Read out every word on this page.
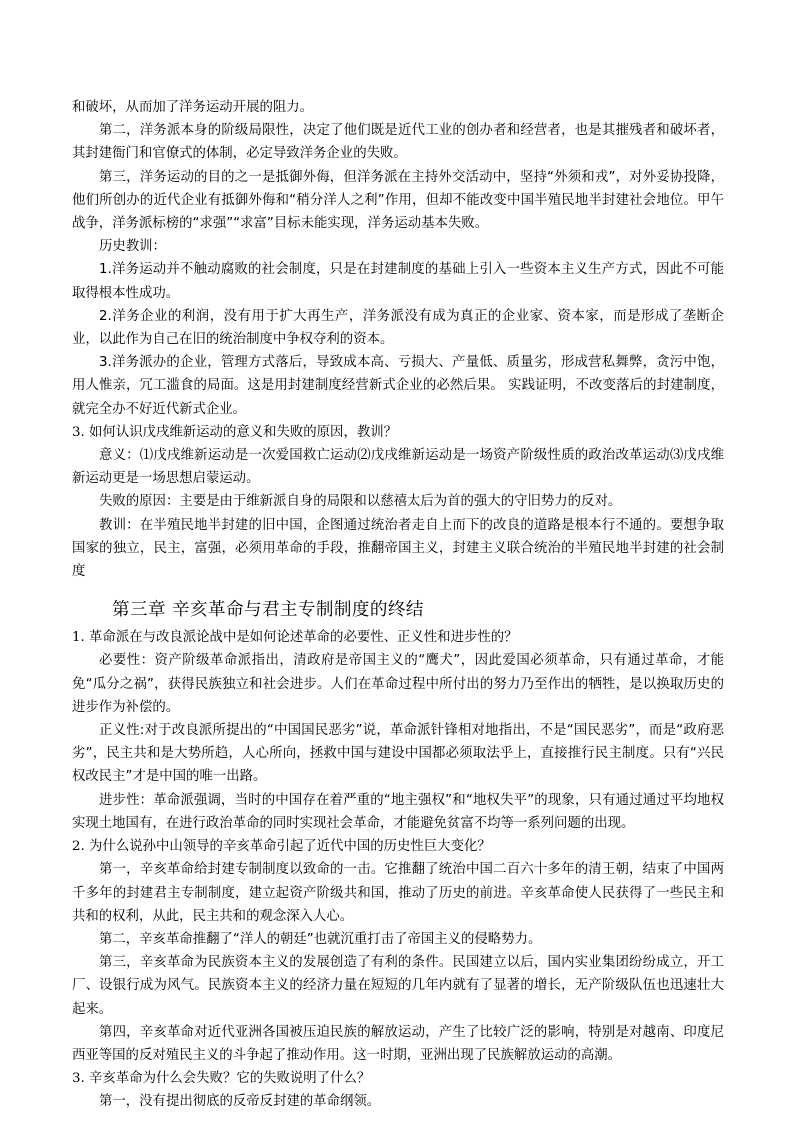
和破坏，从而加了洋务运动开展的阻力。

第二，洋务派本身的阶级局限性，决定了他们既是近代工业的创办者和经营者，也是其摧残者和破坏者，其封建衙门和官僚式的体制，必定导致洋务企业的失败。

第三，洋务运动的目的之一是抵御外侮，但洋务派在主持外交活动中，坚持“外须和戎”，对外妥协投降，他们所创办的近代企业有抵御外侮和“稍分洋人之利”作用，但却不能改变中国半殖民地半封建社会地位。甲午战争，洋务派标榜的“求强”“求富”目标未能实现，洋务运动基本失败。

历史教训：

1.洋务运动并不触动腐败的社会制度，只是在封建制度的基础上引入一些资本主义生产方式，因此不可能取得根本性成功。

2.洋务企业的利润，没有用于扩大再生产，洋务派没有成为真正的企业家、资本家，而是形成了垄断企业，以此作为自己在旧的统治制度中争权夺利的资本。

3.洋务派办的企业，管理方式落后，导致成本高、亏损大、产量低、质量劣，形成营私舞弊，贪污中饱，用人惟亲，冗工滥食的局面。这是用封建制度经营新式企业的必然后果。 实践证明，不改变落后的封建制度，就完全办不好近代新式企业。

3. 如何认识戊戌维新运动的意义和失败的原因，教训？

意义：⑴戊戌维新运动是一次爱国救亡运动⑵戊戌维新运动是一场资产阶级性质的政治改革运动⑶戊戌维新运动更是一场思想启蒙运动。

失败的原因：主要是由于维新派自身的局限和以慈禧太后为首的强大的守旧势力的反对。

教训：在半殖民地半封建的旧中国，企图通过统治者走自上而下的改良的道路是根本行不通的。要想争取国家的独立，民主，富强，必须用革命的手段，推翻帝国主义，封建主义联合统治的半殖民地半封建的社会制度

第三章 辛亥革命与君主专制制度的终结

1. 革命派在与改良派论战中是如何论述革命的必要性、正义性和进步性的？

必要性：资产阶级革命派指出，清政府是帝国主义的“鹰犬”，因此爱国必须革命，只有通过革命，才能免“瓜分之祸”，获得民族独立和社会进步。人们在革命过程中所付出的努力乃至作出的牺牲，是以换取历史的进步作为补偿的。

正义性:对于改良派所提出的“中国国民恶劣”说，革命派针锋相对地指出，不是“国民恶劣”，而是“政府恶劣”，民主共和是大势所趋，人心所向，拯救中国与建设中国都必须取法乎上，直接推行民主制度。只有“兴民权改民主”才是中国的唯一出路。

进步性：革命派强调，当时的中国存在着严重的“地主强权”和“地权失平”的现象，只有通过通过平均地权实现土地国有，在进行政治革命的同时实现社会革命，才能避免贫富不均等一系列问题的出现。

2. 为什么说孙中山领导的辛亥革命引起了近代中国的历史性巨大变化？

第一，辛亥革命给封建专制制度以致命的一击。它推翻了统治中国二百六十多年的清王朝，结束了中国两千多年的封建君主专制制度，建立起资产阶级共和国，推动了历史的前进。辛亥革命使人民获得了一些民主和共和的权利，从此，民主共和的观念深入人心。

第二，辛亥革命推翻了“洋人的朝廷”也就沉重打击了帝国主义的侵略势力。

第三，辛亥革命为民族资本主义的发展创造了有利的条件。民国建立以后，国内实业集团纷纷成立，开工厂、设银行成为风气。民族资本主义的经济力量在短短的几年内就有了显著的增长，无产阶级队伍也迅速壮大起来。

第四，辛亥革命对近代亚洲各国被压迫民族的解放运动，产生了比较广泛的影响，特别是对越南、印度尼西亚等国的反对殖民主义的斗争起了推动作用。这一时期，亚洲出现了民族解放运动的高潮。

3. 辛亥革命为什么会失败？它的失败说明了什么？

第一，没有提出彻底的反帝反封建的革命纲领。
